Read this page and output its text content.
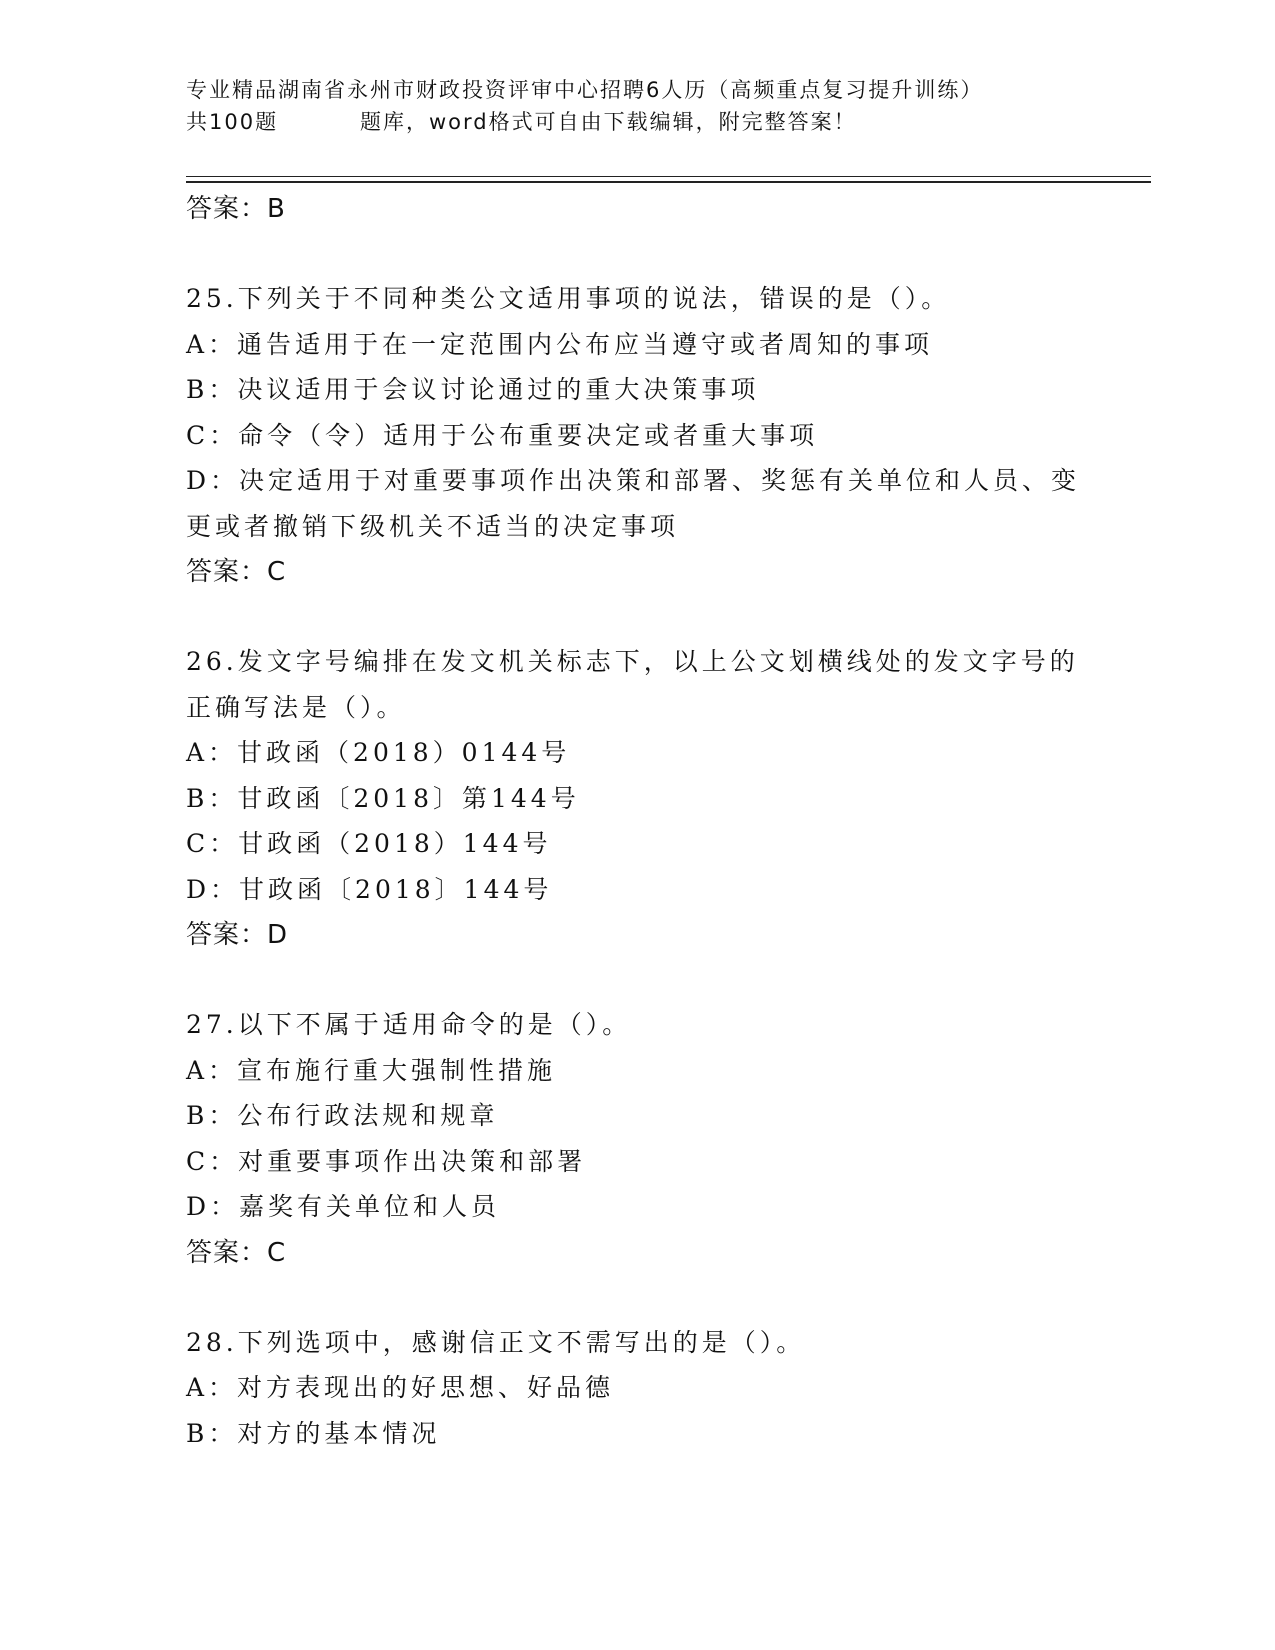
专业精品湖南省永州市财政投资评审中心招聘6人历（高频重点复习提升训练）
共100题	题库，word格式可自由下载编辑，附完整答案！
答案：B
25.下列关于不同种类公文适用事项的说法，错误的是（）。
A：通告适用于在一定范围内公布应当遵守或者周知的事项
B：决议适用于会议讨论通过的重大决策事项
C：命令（令）适用于公布重要决定或者重大事项
D：决定适用于对重要事项作出决策和部署、奖惩有关单位和人员、变
更或者撤销下级机关不适当的决定事项
答案：C
26.发文字号编排在发文机关标志下，以上公文划横线处的发文字号的
正确写法是（）。
A：甘政函（2018）0144号
B：甘政函〔2018〕第144号
C：甘政函（2018）144号
D：甘政函〔2018〕144号
答案：D
27.以下不属于适用命令的是（）。
A：宣布施行重大强制性措施
B：公布行政法规和规章
C：对重要事项作出决策和部署
D：嘉奖有关单位和人员
答案：C
28.下列选项中，感谢信正文不需写出的是（）。
A：对方表现出的好思想、好品德
B：对方的基本情况
